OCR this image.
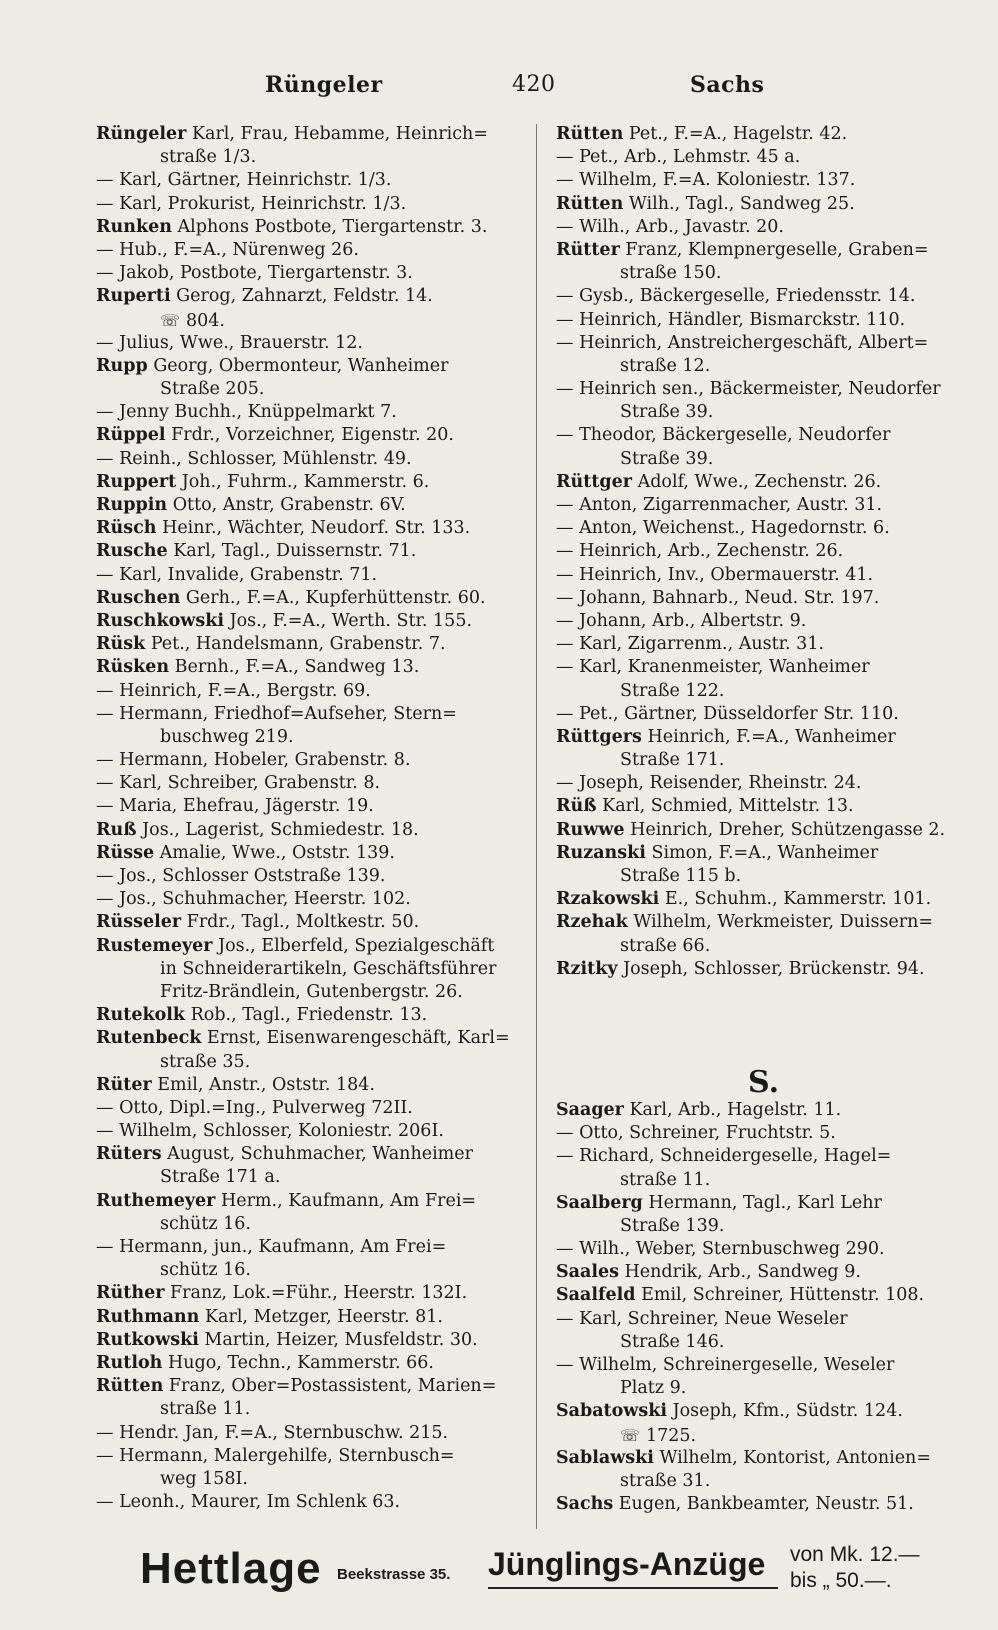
Rüngeler	420	Sachs
Rüngeler Karl, Frau, Hebamme, Heinrich=
straße 1/3.
— Karl, Gärtner, Heinrichstr. 1/3.
— Karl, Prokurist, Heinrichstr. 1/3.
Runken Alphons Postbote, Tiergartenstr. 3.
— Hub., F.=A., Nürenweg 26.
— Jakob, Postbote, Tiergartenstr. 3.
Ruperti Gerog, Zahnarzt, Feldstr. 14.
☏ 804.
— Julius, Wwe., Brauerstr. 12.
Rupp Georg, Obermonteur, Wanheimer
Straße 205.
— Jenny Buchh., Knüppelmarkt 7.
Rüppel Frdr., Vorzeichner, Eigenstr. 20.
— Reinh., Schlosser, Mühlenstr. 49.
Ruppert Joh., Fuhrm., Kammerstr. 6.
Ruppin Otto, Anstr, Grabenstr. 6V.
Rüsch Heinr., Wächter, Neudorf. Str. 133.
Rusche Karl, Tagl., Duissernstr. 71.
— Karl, Invalide, Grabenstr. 71.
Ruschen Gerh., F.=A., Kupferhüttenstr. 60.
Ruschkowski Jos., F.=A., Werth. Str. 155.
Rüsk Pet., Handelsmann, Grabenstr. 7.
Rüsken Bernh., F.=A., Sandweg 13.
— Heinrich, F.=A., Bergstr. 69.
— Hermann, Friedhof=Aufseher, Stern=
buschweg 219.
— Hermann, Hobeler, Grabenstr. 8.
— Karl, Schreiber, Grabenstr. 8.
— Maria, Ehefrau, Jägerstr. 19.
Ruß Jos., Lagerist, Schmiedestr. 18.
Rüsse Amalie, Wwe., Oststr. 139.
— Jos., Schlosser Oststraße 139.
— Jos., Schuhmacher, Heerstr. 102.
Rüsseler Frdr., Tagl., Moltkestr. 50.
Rustemeyer Jos., Elberfeld, Spezialgeschäft
in Schneiderartikeln, Geschäftsführer
Fritz-Brändlein, Gutenbergstr. 26.
Rutekolk Rob., Tagl., Friedenstr. 13.
Rutenbeck Ernst, Eisenwarengeschäft, Karl=
straße 35.
Rüter Emil, Anstr., Oststr. 184.
— Otto, Dipl.=Ing., Pulverweg 72II.
— Wilhelm, Schlosser, Koloniestr. 206I.
Rüters August, Schuhmacher, Wanheimer
Straße 171 a.
Ruthemeyer Herm., Kaufmann, Am Frei=
schütz 16.
— Hermann, jun., Kaufmann, Am Frei=
schütz 16.
Rüther Franz, Lok.=Führ., Heerstr. 132I.
Ruthmann Karl, Metzger, Heerstr. 81.
Rutkowski Martin, Heizer, Musfeldstr. 30.
Rutloh Hugo, Techn., Kammerstr. 66.
Rütten Franz, Ober=Postassistent, Marien=
straße 11.
— Hendr. Jan, F.=A., Sternbuschw. 215.
— Hermann, Malergehilfe, Sternbusch=
weg 158I.
— Leonh., Maurer, Im Schlenk 63.
Rütten Pet., F.=A., Hagelstr. 42.
— Pet., Arb., Lehmstr. 45 a.
— Wilhelm, F.=A. Koloniestr. 137.
Rütten Wilh., Tagl., Sandweg 25.
— Wilh., Arb., Javastr. 20.
Rütter Franz, Klempnergeselle, Graben=
straße 150.
— Gysb., Bäckergeselle, Friedensstr. 14.
— Heinrich, Händler, Bismarckstr. 110.
— Heinrich, Anstreichergeschäft, Albert=
straße 12.
— Heinrich sen., Bäckermeister, Neudorfer
Straße 39.
— Theodor, Bäckergeselle, Neudorfer
Straße 39.
Rüttger Adolf, Wwe., Zechenstr. 26.
— Anton, Zigarrenmacher, Austr. 31.
— Anton, Weichenst., Hagedornstr. 6.
— Heinrich, Arb., Zechenstr. 26.
— Heinrich, Inv., Obermauerstr. 41.
— Johann, Bahnarb., Neud. Str. 197.
— Johann, Arb., Albertstr. 9.
— Karl, Zigarrenm., Austr. 31.
— Karl, Kranenmeister, Wanheimer
Straße 122.
— Pet., Gärtner, Düsseldorfer Str. 110.
Rüttgers Heinrich, F.=A., Wanheimer
Straße 171.
— Joseph, Reisender, Rheinstr. 24.
Rüß Karl, Schmied, Mittelstr. 13.
Ruwwe Heinrich, Dreher, Schützengasse 2.
Ruzanski Simon, F.=A., Wanheimer
Straße 115 b.
Rzakowski E., Schuhm., Kammerstr. 101.
Rzehak Wilhelm, Werkmeister, Duissern=
straße 66.
Rzitky Joseph, Schlosser, Brückenstr. 94.
Saager Karl, Arb., Hagelstr. 11.
— Otto, Schreiner, Fruchtstr. 5.
— Richard, Schneidergeselle, Hagel=
straße 11.
Saalberg Hermann, Tagl., Karl Lehr
Straße 139.
— Wilh., Weber, Sternbuschweg 290.
Saales Hendrik, Arb., Sandweg 9.
Saalfeld Emil, Schreiner, Hüttenstr. 108.
— Karl, Schreiner, Neue Weseler
Straße 146.
— Wilhelm, Schreinergeselle, Weseler
Platz 9.
Sabatowski Joseph, Kfm., Südstr. 124.
☏ 1725.
Sablawski Wilhelm, Kontorist, Antonien=
straße 31.
Sachs Eugen, Bankbeamter, Neustr. 51.
S.
Hettlage Beekstrasse 35. Jünglings-Anzüge von Mk. 12.—
bis „ 50.—.
